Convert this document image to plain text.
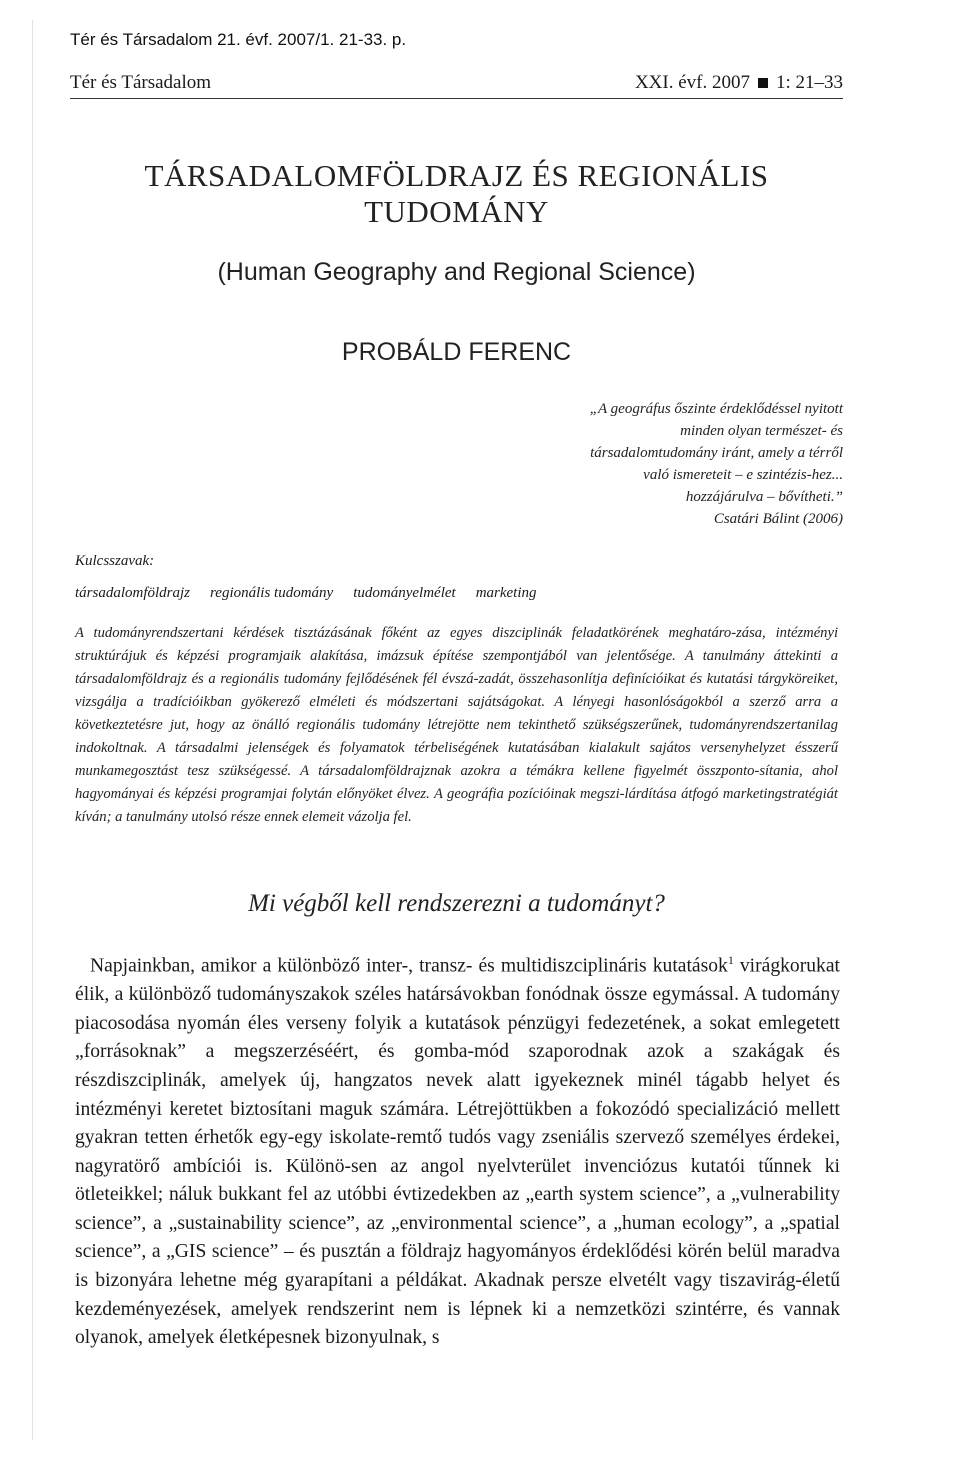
Tér és Társadalom 21. évf. 2007/1. 21-33. p.
Tér és Társadalom	XXI. évf. 2007 1: 21–33
TÁRSADALOMFÖLDRAJZ ÉS REGIONÁLIS
TUDOMÁNY
(Human Geography and Regional Science)
PROBÁLD FERENC
„A geográfus őszinte érdeklődéssel nyitott minden olyan természet- és társadalomtudomány iránt, amely a térről való ismereteit – e szintézis-hez... hozzájárulva – bővítheti.”
Csatári Bálint (2006)
Kulcsszavak:
társadalomföldrajz regionális tudomány tudományelmélet marketing
A tudományrendszertani kérdések tisztázásának főként az egyes diszciplinák feladatkörének meghatáro-zása, intézményi struktúrájuk és képzési programjaik alakítása, imázsuk építése szempontjából van jelentősége. A tanulmány áttekinti a társadalomföldrajz és a regionális tudomány fejlődésének fél évszá-zadát, összehasonlítja definícióikat és kutatási tárgyköreiket, vizsgálja a tradícióikban gyökerező elméleti és módszertani sajátságokat. A lényegi hasonlóságokból a szerző arra a következtetésre jut, hogy az önálló regionális tudomány létrejötte nem tekinthető szükségszerűnek, tudományrendszertanilag indokoltnak. A társadalmi jelenségek és folyamatok térbeliségének kutatásában kialakult sajátos versenyhelyzet ésszerű munkamegosztást tesz szükségessé. A társadalomföldrajznak azokra a témákra kellene figyelmét összponto-sítania, ahol hagyományai és képzési programjai folytán előnyöket élvez. A geográfia pozícióinak megszi-lárdítása átfogó marketingstratégiát kíván; a tanulmány utolsó része ennek elemeit vázolja fel.
Mi végből kell rendszerezni a tudományt?
Napjainkban, amikor a különböző inter-, transz- és multidiszciplináris kutatások$^1$ virágkorukat élik, a különböző tudományszakok széles határsávokban fonódnak össze egymással. A tudomány piacosodása nyomán éles verseny folyik a kutatások pénzügyi fedezetének, a sokat emlegetett „forrásoknak” a megszerzéséért, és gomba-mód szaporodnak azok a szakágak és részdiszciplinák, amelyek új, hangzatos nevek alatt igyekeznek minél tágabb helyet és intézményi keretet biztosítani maguk számára. Létrejöttükben a fokozódó specializáció mellett gyakran tetten érhetők egy-egy iskolate-remtő tudós vagy zseniális szervező személyes érdekei, nagyratörő ambíciói is. Különö-sen az angol nyelvterület invenciózus kutatói tűnnek ki ötleteikkel; náluk bukkant fel az utóbbi évtizedekben az „earth system science”, a „vulnerability science”, a „sustainability science”, az „environmental science”, a „human ecology”, a „spatial science”, a „GIS science” – és pusztán a földrajz hagyományos érdeklődési körén belül maradva is bizonyára lehetne még gyarapítani a példákat. Akadnak persze elvetélt vagy tiszavirág-életű kezdeményezések, amelyek rendszerint nem is lépnek ki a nemzetközi szintérre, és vannak olyanok, amelyek életképesnek bizonyulnak, s
